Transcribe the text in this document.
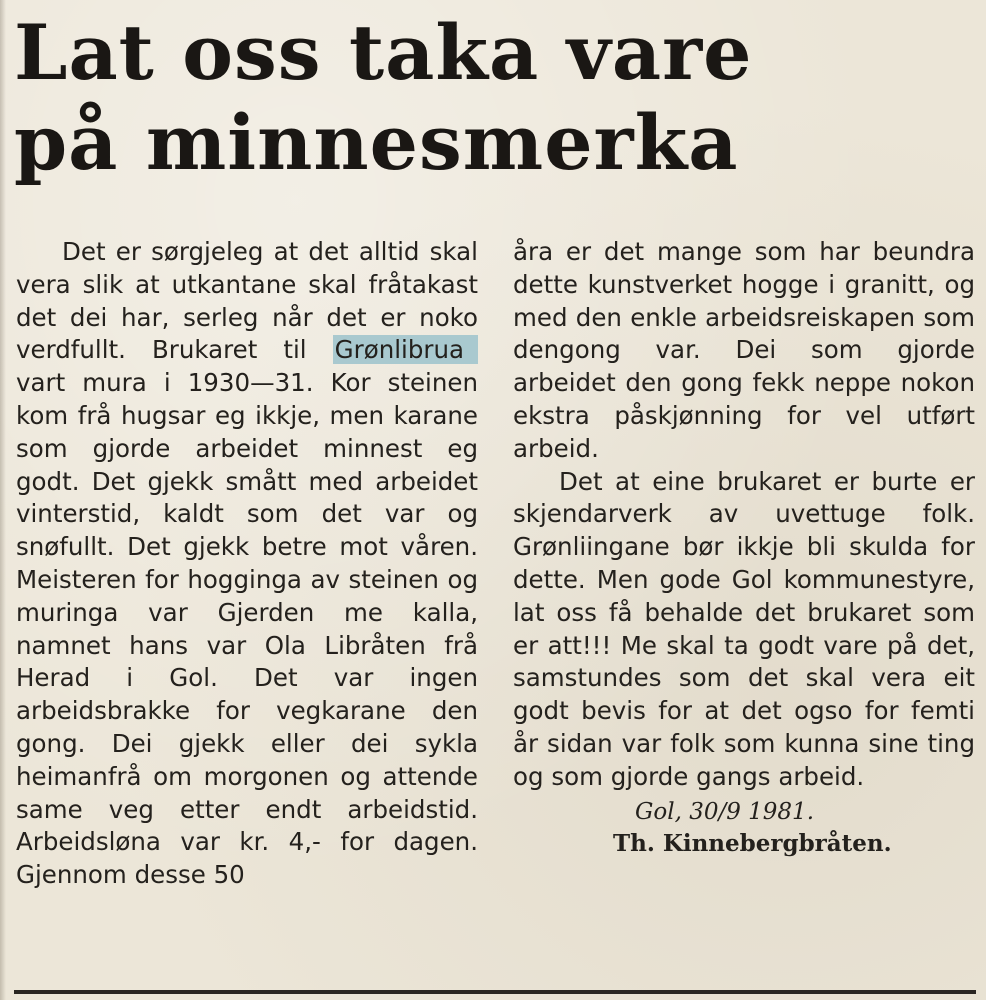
Lat oss taka vare
på minnesmerka

Det er sørgjeleg at det alltid skal vera slik at utkantane skal fråtakast det dei har, serleg når det er noko verdfullt. Brukaret til Grønlibrua vart mura i 1930—31. Kor steinen kom frå hugsar eg ikkje, men karane som gjorde arbeidet minnest eg godt. Det gjekk smått med arbeidet vinterstid, kaldt som det var og snøfullt. Det gjekk betre mot våren. Meisteren for hogginga av steinen og muringa var Gjerden me kalla, namnet hans var Ola Libråten frå Herad i Gol. Det var ingen arbeidsbrakke for vegkarane den gong. Dei gjekk eller dei sykla heimanfrå om morgonen og attende same veg etter endt arbeidstid. Arbeidsløna var kr. 4,- for dagen. Gjennom desse 50

åra er det mange som har beundra dette kunstverket hogge i granitt, og med den enkle arbeidsreiskapen som dengong var. Dei som gjorde arbeidet den gong fekk neppe nokon ekstra påskjønning for vel utført arbeid.

Det at eine brukaret er burte er skjendarverk av uvettuge folk. Grønliingane bør ikkje bli skulda for dette. Men gode Gol kommunestyre, lat oss få behalde det brukaret som er att!!! Me skal ta godt vare på det, samstundes som det skal vera eit godt bevis for at det ogso for femti år sidan var folk som kunna sine ting og som gjorde gangs arbeid.

Gol, 30/9 1981.
Th. Kinnebergbråten.
